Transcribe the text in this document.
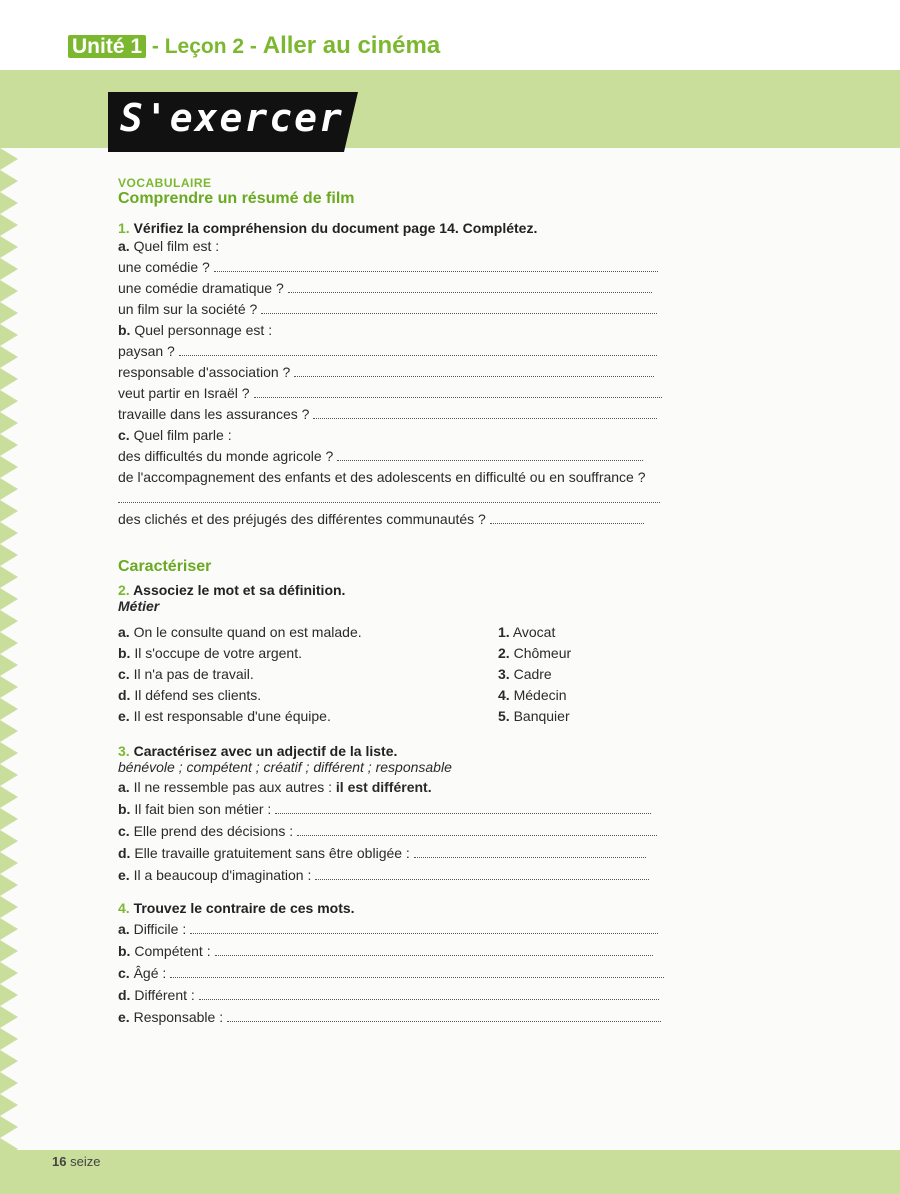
Unité 1 - Leçon 2 - Aller au cinéma
S'exercer
VOCABULAIRE
Comprendre un résumé de film
1. Vérifiez la compréhension du document page 14. Complétez.
a. Quel film est :
une comédie ?
une comédie dramatique ?
un film sur la société ?
b. Quel personnage est :
paysan ?
responsable d'association ?
veut partir en Israël ?
travaille dans les assurances ?
c. Quel film parle :
des difficultés du monde agricole ?
de l'accompagnement des enfants et des adolescents en difficulté ou en souffrance ?
des clichés et des préjugés des différentes communautés ?
Caractériser
2. Associez le mot et sa définition.
Métier
a. On le consulte quand on est malade.
b. Il s'occupe de votre argent.
c. Il n'a pas de travail.
d. Il défend ses clients.
e. Il est responsable d'une équipe.
1. Avocat
2. Chômeur
3. Cadre
4. Médecin
5. Banquier
3. Caractérisez avec un adjectif de la liste.
bénévole ; compétent ; créatif ; différent ; responsable
a. Il ne ressemble pas aux autres : il est différent.
b. Il fait bien son métier :
c. Elle prend des décisions :
d. Elle travaille gratuitement sans être obligée :
e. Il a beaucoup d'imagination :
4. Trouvez le contraire de ces mots.
a. Difficile :
b. Compétent :
c. Âgé :
d. Différent :
e. Responsable :
16 seize
